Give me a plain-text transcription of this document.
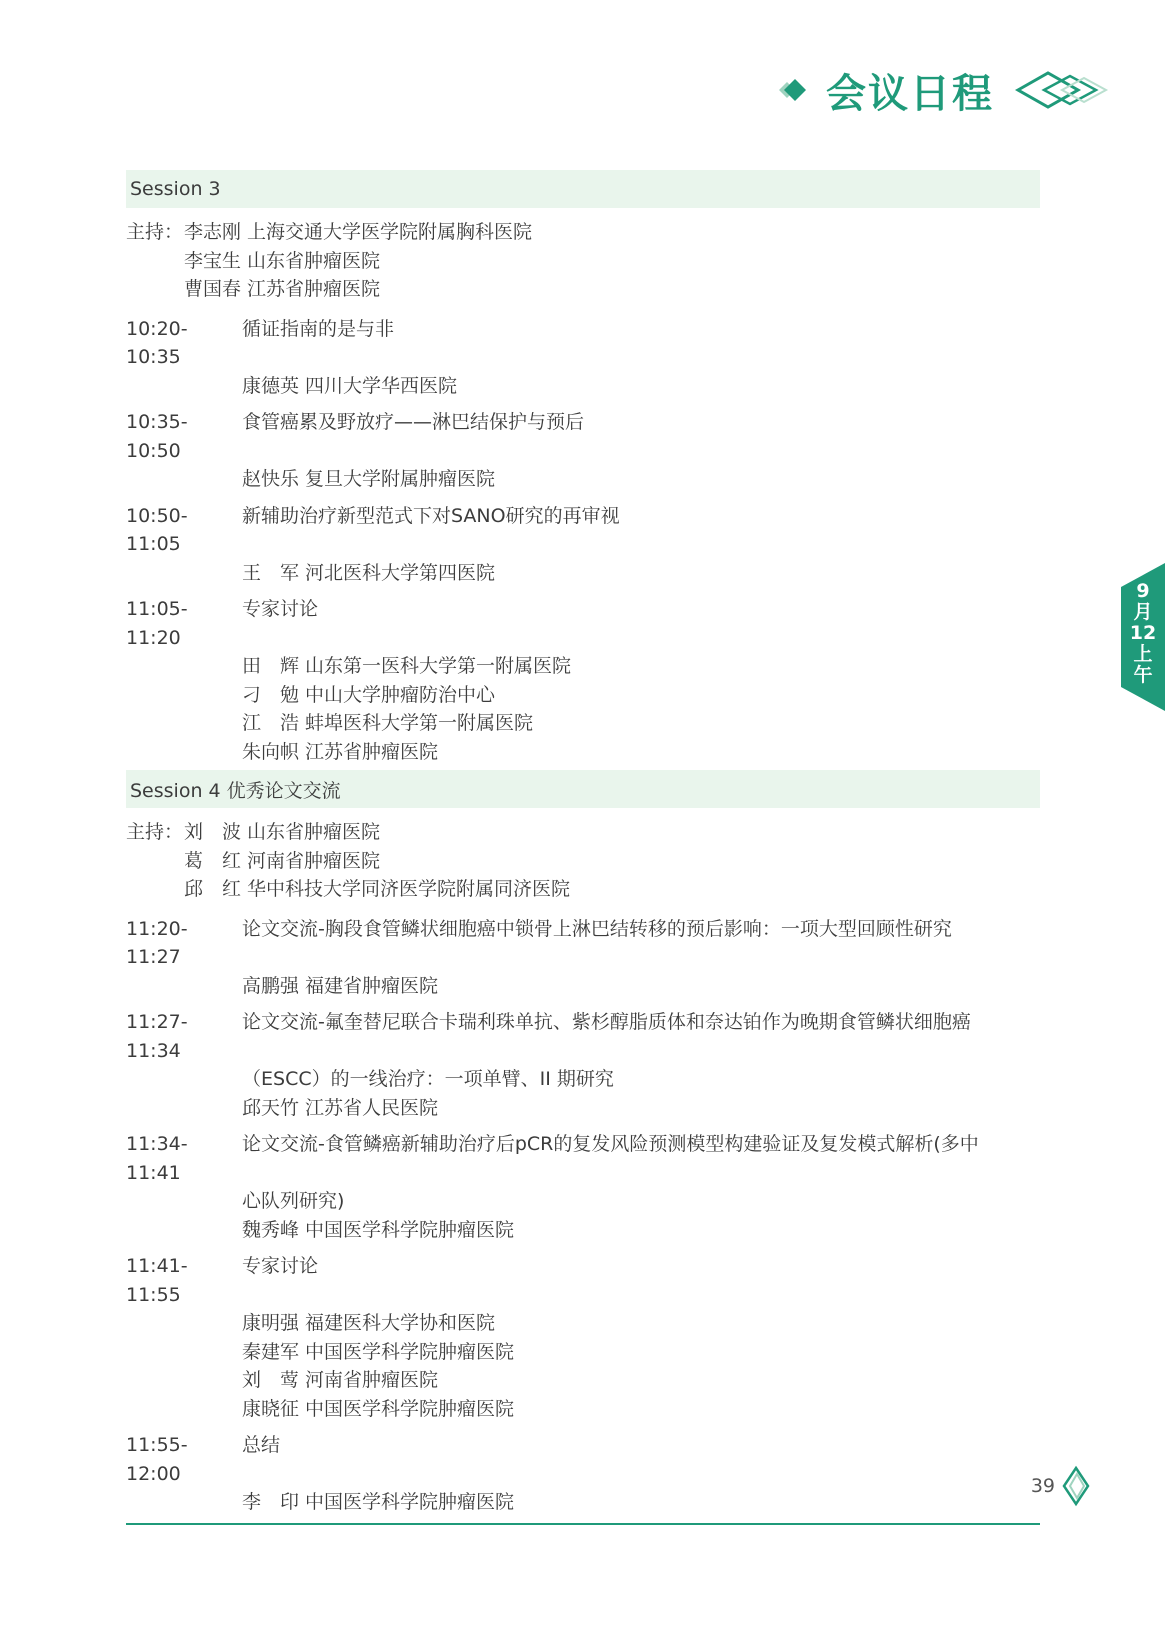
会议日程
9
月
12
上
午
Session 3
主持： 李志刚 上海交通大学医学院附属胸科医院
李宝生 山东省肿瘤医院
曹国春 江苏省肿瘤医院
10:20-10:35
循证指南的是与非
康德英 四川大学华西医院
10:35-10:50
食管癌累及野放疗——淋巴结保护与预后
赵快乐 复旦大学附属肿瘤医院
10:50-11:05
新辅助治疗新型范式下对SANO研究的再审视
王　军 河北医科大学第四医院
11:05-11:20
专家讨论
田　辉 山东第一医科大学第一附属医院
刁　勉 中山大学肿瘤防治中心
江　浩 蚌埠医科大学第一附属医院
朱向帜 江苏省肿瘤医院
Session 4 优秀论文交流
主持： 刘　波 山东省肿瘤医院
葛　红 河南省肿瘤医院
邱　红 华中科技大学同济医学院附属同济医院
11:20-11:27
论文交流-胸段食管鳞状细胞癌中锁骨上淋巴结转移的预后影响：一项大型回顾性研究
高鹏强 福建省肿瘤医院
11:27-11:34
论文交流-氟奎替尼联合卡瑞利珠单抗、紫杉醇脂质体和奈达铂作为晚期食管鳞状细胞癌
（ESCC）的一线治疗：一项单臂、II 期研究
邱天竹 江苏省人民医院
11:34-11:41
论文交流-食管鳞癌新辅助治疗后pCR的复发风险预测模型构建验证及复发模式解析(多中
心队列研究)
魏秀峰 中国医学科学院肿瘤医院
11:41-11:55
专家讨论
康明强 福建医科大学协和医院
秦建军 中国医学科学院肿瘤医院
刘　莺 河南省肿瘤医院
康晓征 中国医学科学院肿瘤医院
11:55-12:00
总结
李　印 中国医学科学院肿瘤医院
39
